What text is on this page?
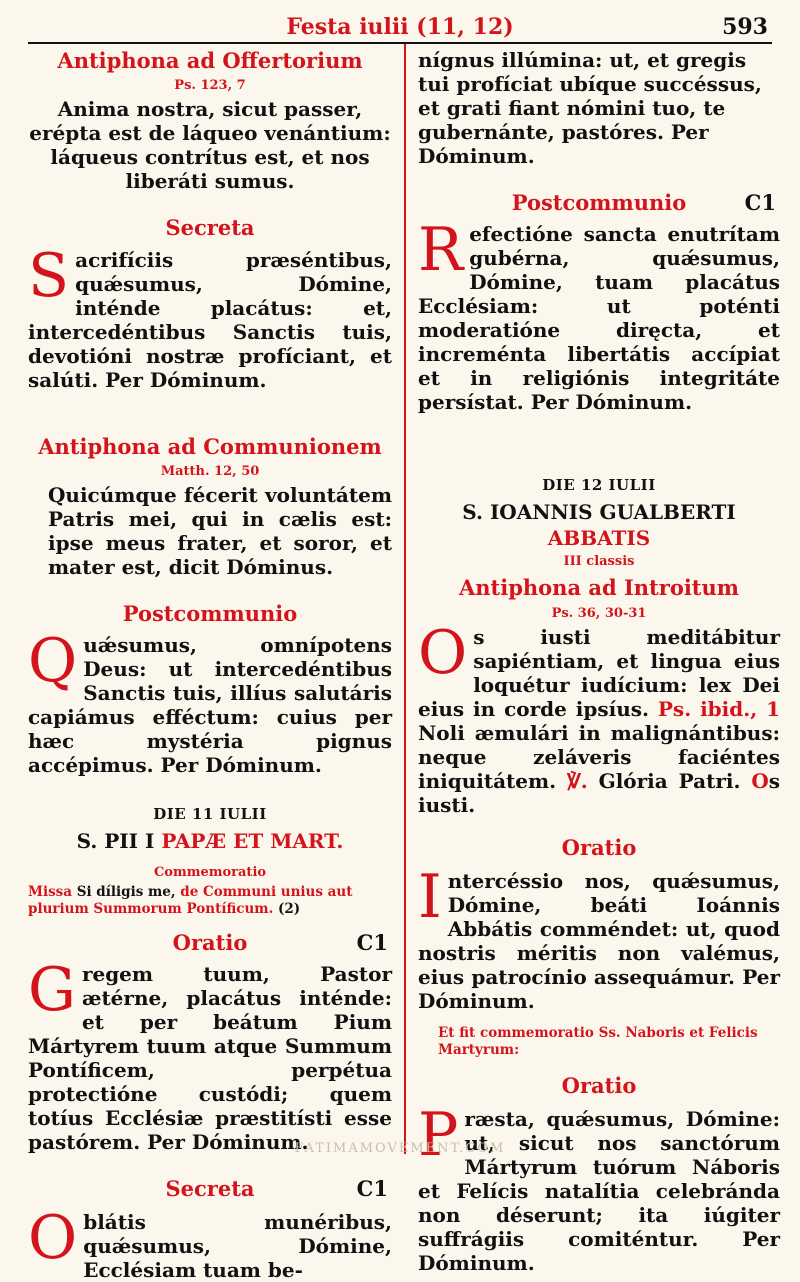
Festa iulii (11, 12)	593
Antiphona ad Offertorium
Ps. 123, 7

Anima nostra, sicut passer, erépta est de láqueo venántium: láqueus contrítus est, et nos liberáti sumus.

Secreta

Sacrifíciis præséntibus, quǽsumus, Dómine, inténde placátus: et, intercedéntibus Sanctis tuis, devotióni nostræ profíciant, et salúti. Per Dóminum.

Antiphona ad Communionem
Matth. 12, 50

Quicúmque fécerit voluntátem Patris mei, qui in cælis est: ipse meus frater, et soror, et mater est, dicit Dóminus.

Postcommunio

Quǽsumus, omnípotens Deus: ut intercedéntibus Sanctis tuis, illíus salutáris capiámus efféctum: cuius per hæc mystéria pignus accépimus. Per Dóminum.

DIE 11 IULII
S. PII I PAPÆ ET MART.
Commemoratio
Missa Si díligis me, de Communi unius aut plurium Summorum Pontíficum. (2)
Oratio	C1

Gregem tuum, Pastor ætérne, placátus inténde: et per beátum Pium Mártyrem tuum atque Summum Pontíficem, perpétua protectióne custódi; quem totíus Ecclésiæ præstitísti esse pastórem. Per Dóminum.

Secreta	C1

Oblátis munéribus, quǽsumus, Dómine, Ecclésiam tuam be-

nígnus illúmina: ut, et gregis tui profíciat ubíque succéssus, et grati fiant nómini tuo, te gubernánte, pastóres. Per Dóminum.

Postcommunio	C1

Refectióne sancta enutrítam gubérna, quǽsumus, Dómine, tuam placátus Ecclésiam: ut poténti moderatióne diręcta, et increménta libertátis accípiat et in religiónis integritáte persístat. Per Dóminum.

DIE 12 IULII
S. IOANNIS GUALBERTI
ABBATIS
III classis
Antiphona ad Introitum
Ps. 36, 30-31

Os iusti meditábitur sapiéntiam, et lingua eius loquétur iudícium: lex Dei eius in corde ipsíus. Ps. ibid., 1 Noli æmulári in malignántibus: neque zeláveris faciéntes iniquitátem. ℣. Glória Patri. Os iusti.

Oratio

Intercéssio nos, quǽsumus, Dómine, beáti Ioánnis Abbátis comméndet: ut, quod nostris méritis non valémus, eius patrocínio assequámur. Per Dóminum.

Et fit commemoratio Ss. Naboris et Felicis Martyrum:
Oratio

Præsta, quǽsumus, Dómine: ut, sicut nos sanctórum Mártyrum tuórum Náboris et Felícis natalítia celebránda non déserunt; ita iúgiter suffrágiis comiténtur. Per Dóminum.

FATIMAMOVEMENT.COM
